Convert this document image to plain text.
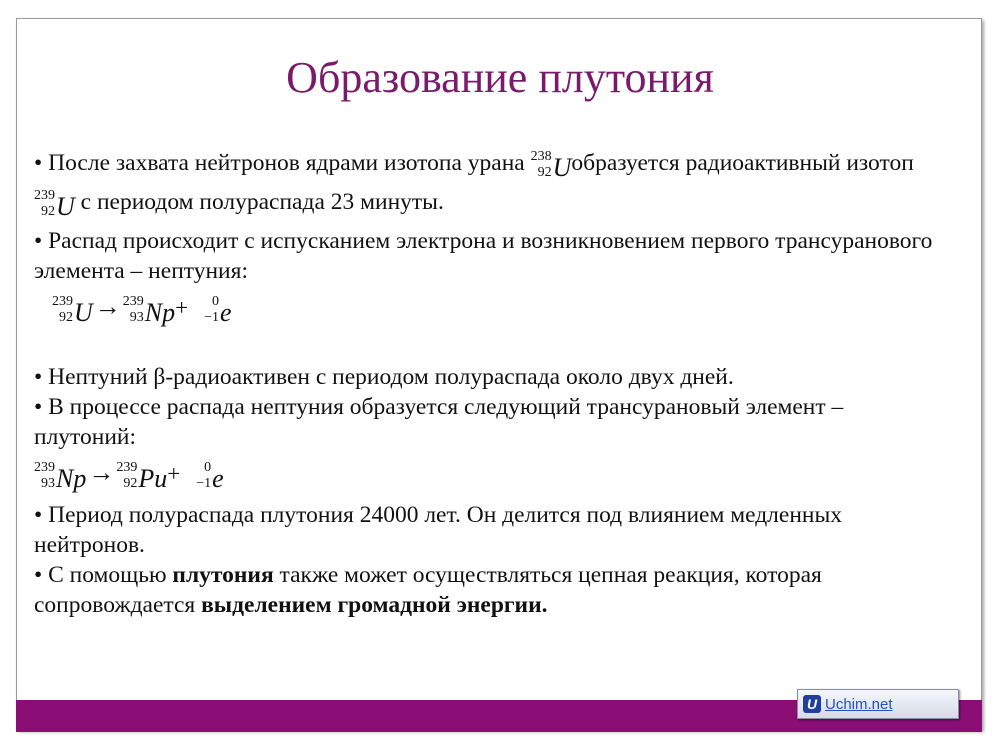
Образование плутония

• После захвата нейтронов ядрами изотопа урана 238
92 Uобразуется радиоактивный изотоп
239
92 U с периодом полураспада 23 минуты.

• Распад происходит с испусканием электрона и возникновением первого трансуранового элемента – нептуния:

239
92 U→ 239
93 Np+	0
−1 e

• Нептуний β-радиоактивен с периодом полураспада около двух дней.

• В процессе распада нептуния образуется следующий трансурановый элемент – плутоний:

239
93 Np→ 239
92 Pu+	0
−1 e

• Период полураспада плутония 24000 лет. Он делится под влиянием медленных нейтронов.

• С помощью плутония также может осуществляться цепная реакция, которая сопровождается выделением громадной энергии.

U Uchim.net
